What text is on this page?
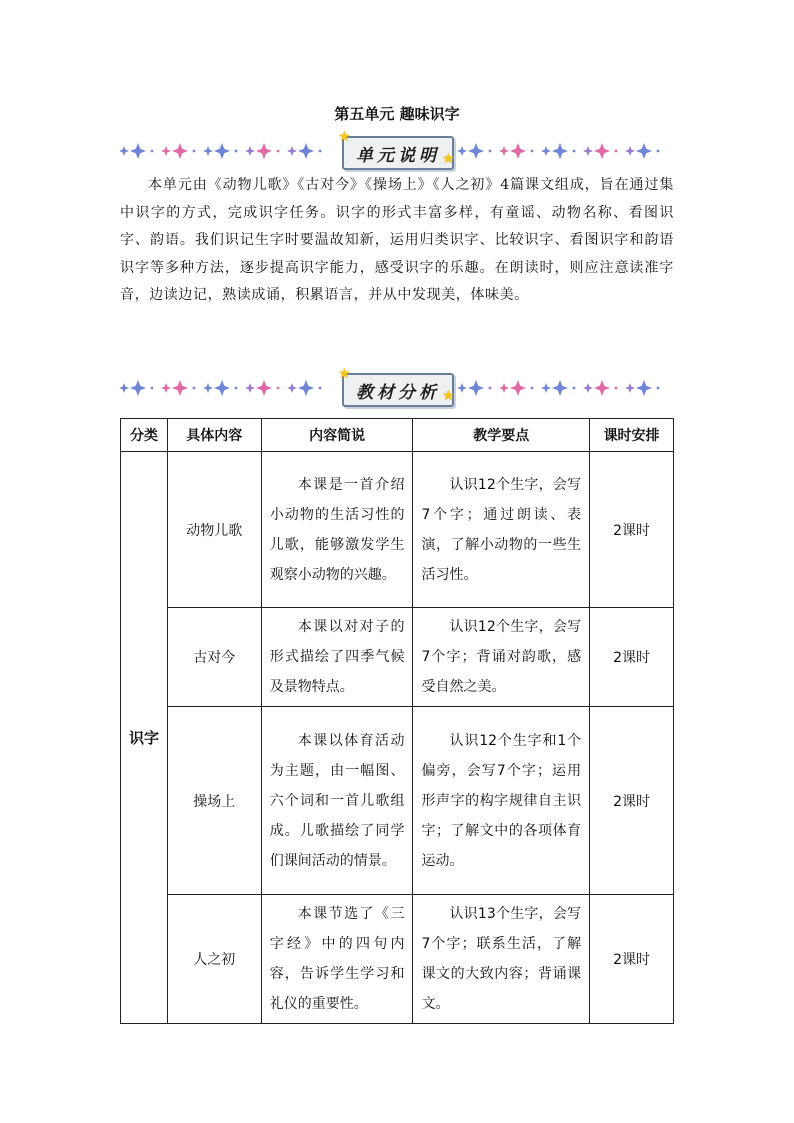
第五单元 趣味识字
单元说明
★
★
本单元由《动物儿歌》《古对今》《操场上》《人之初》4篇课文组成，旨在通过集中识字的方式，完成识字任务。识字的形式丰富多样，有童谣、动物名称、看图识字、韵语。我们识记生字时要温故知新，运用归类识字、比较识字、看图识字和韵语识字等多种方法，逐步提高识字能力，感受识字的乐趣。在朗读时，则应注意读准字音，边读边记，熟读成诵，积累语言，并从中发现美，体味美。
教材分析
★
★
分类	具体内容	内容简说	教学要点	课时安排
识字	动物儿歌	本课是一首介绍小动物的生活习性的儿歌，能够激发学生观察小动物的兴趣。	认识12个生字，会写7个字；通过朗读、表演，了解小动物的一些生活习性。	2课时
	古对今	本课以对对子的形式描绘了四季气候及景物特点。	认识12个生字，会写7个字；背诵对韵歌，感受自然之美。	2课时
	操场上	本课以体育活动为主题，由一幅图、六个词和一首儿歌组成。儿歌描绘了同学们课间活动的情景。	认识12个生字和1个偏旁，会写7个字；运用形声字的构字规律自主识字；了解文中的各项体育运动。	2课时
	人之初	本课节选了《三字经》中的四句内容，告诉学生学习和礼仪的重要性。	认识13个生字，会写7个字；联系生活，了解课文的大致内容；背诵课文。	2课时
